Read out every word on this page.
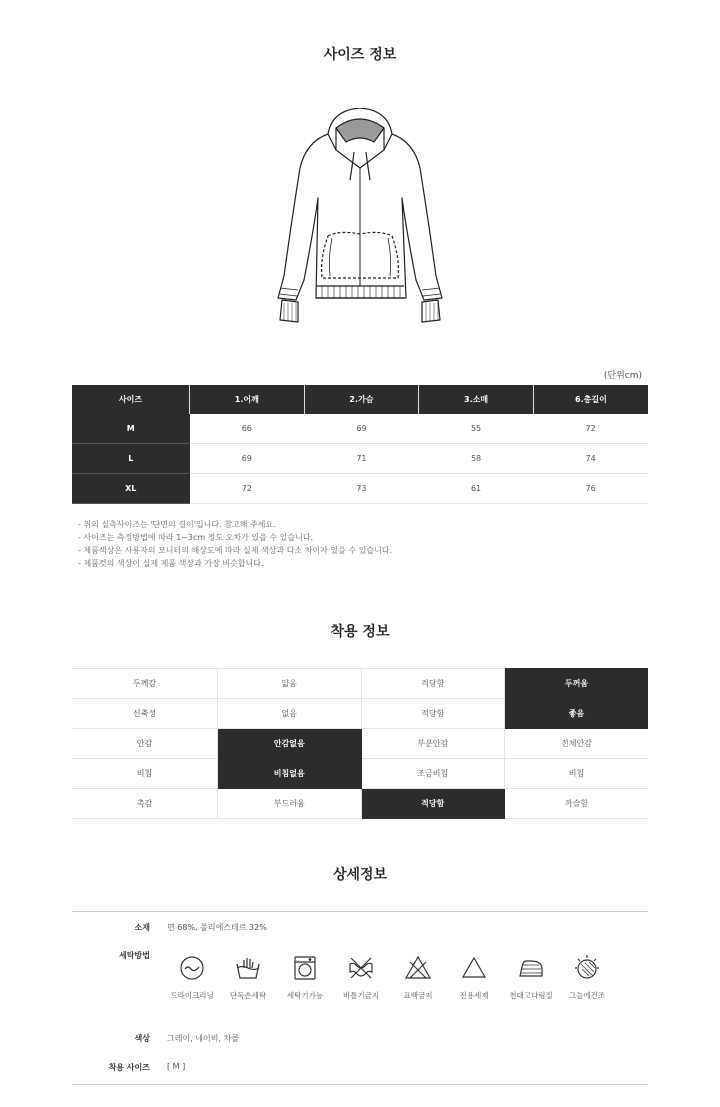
사이즈 정보
(단위cm)
사이즈	1.어깨	2.가슴	3.소매	6.총길이
M	66	69	55	72
L	69	71	58	74
XL	72	73	61	76
- 위의 실측사이즈는 '단면의 길이'입니다. 참고해 주세요.
- 사이즈는 측정방법에 따라 1~3cm 정도 오차가 있을 수 있습니다.
- 제품색상은 사용자의 모니터의 해상도에 따라 실제 색상과 다소 차이가 있을 수 있습니다.
- 제품컷의 색상이 실제 제품 색상과 가장 비슷합니다.
착용 정보
두께감	얇음	적당함	두꺼움
신축성	없음	적당함	좋음
안감	안감없음	부분안감	전체안감
비침	비침없음	조금비침	비침
촉감	부드러움	적당함	까슬함
상세정보
소재 면 68%, 폴리에스테르 32%
세탁방법
드라이크리닝	단독손세탁	세탁기가능	비틀기금지	표백금지	전용세제	천대고다림질	그늘에건조
색상 그레이, 네이비, 차콜
착용 사이즈 [ M ]
